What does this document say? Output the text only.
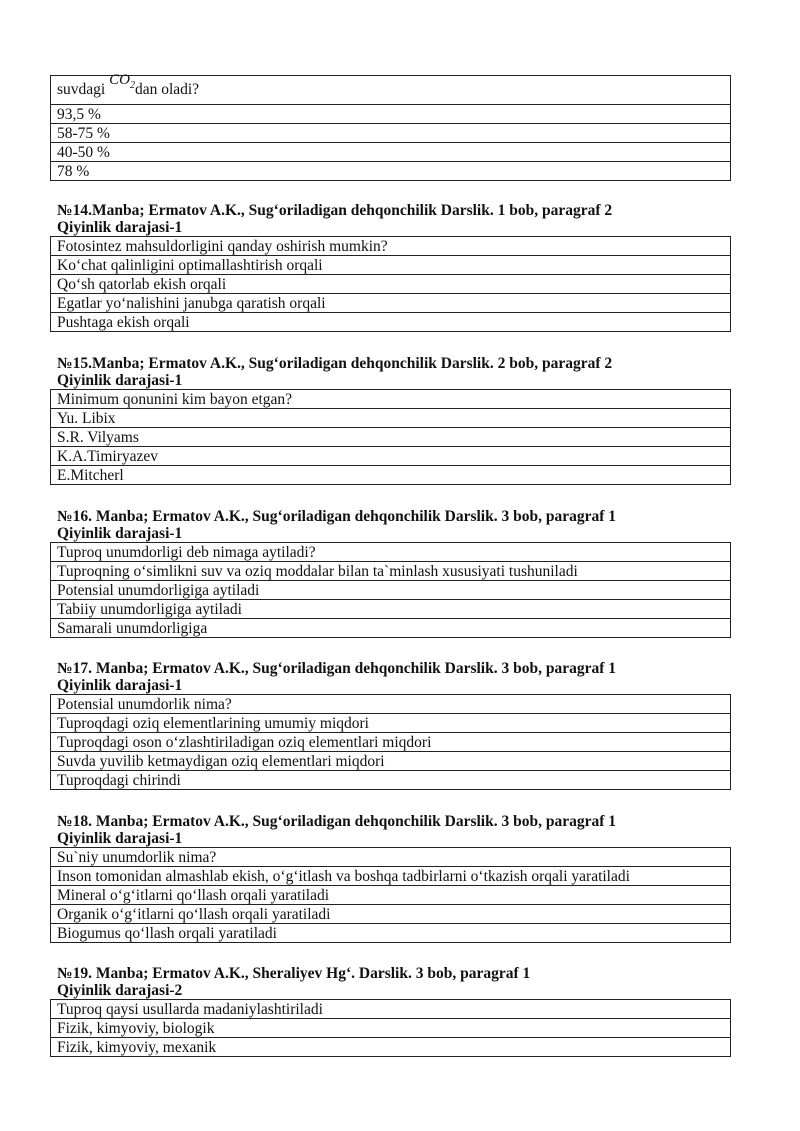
suvdagi $CO_2dan$ oladi?
93,5 %
58-75 %
40-50 %
78 %
№14.Manba; Ermatov A.K., Sug‘oriladigan dehqonchilik Darslik. 1 bob, paragraf 2
Qiyinlik darajasi-1
Fotosintez mahsuldorligini qanday oshirish mumkin?
Ko‘chat qalinligini optimallashtirish orqali
Qo‘sh qatorlab ekish orqali
Egatlar yo‘nalishini janubga qaratish orqali
Pushtaga ekish orqali
№15.Manba; Ermatov A.K., Sug‘oriladigan dehqonchilik Darslik. 2 bob, paragraf 2
Qiyinlik darajasi-1
Minimum qonunini kim bayon etgan?
Yu. Libix
S.R. Vilyams
K.A.Timiryazev
E.Mitcherl
№16. Manba; Ermatov A.K., Sug‘oriladigan dehqonchilik Darslik. 3 bob, paragraf 1
Qiyinlik darajasi-1
Tuproq unumdorligi deb nimaga aytiladi?
Tuproqning o‘simlikni suv va oziq moddalar bilan ta`minlash xususiyati tushuniladi
Potensial unumdorligiga aytiladi
Tabiiy unumdorligiga aytiladi
Samarali unumdorligiga
№17. Manba; Ermatov A.K., Sug‘oriladigan dehqonchilik Darslik. 3 bob, paragraf 1
Qiyinlik darajasi-1
Potensial unumdorlik nima?
Tuproqdagi oziq elementlarining umumiy miqdori
Tuproqdagi oson o‘zlashtiriladigan oziq elementlari miqdori
Suvda yuvilib ketmaydigan oziq elementlari miqdori
Tuproqdagi chirindi
№18. Manba; Ermatov A.K., Sug‘oriladigan dehqonchilik Darslik. 3 bob, paragraf 1
Qiyinlik darajasi-1
Su`niy unumdorlik nima?
Inson tomonidan almashlab ekish, o‘g‘itlash va boshqa tadbirlarni o‘tkazish orqali yaratiladi
Mineral o‘g‘itlarni qo‘llash orqali yaratiladi
Organik o‘g‘itlarni qo‘llash orqali yaratiladi
Biogumus qo‘llash orqali yaratiladi
№19. Manba; Ermatov A.K., Sheraliyev Hg‘. Darslik. 3 bob, paragraf 1
Qiyinlik darajasi-2
Tuproq qaysi usullarda madaniylashtiriladi
Fizik, kimyoviy, biologik
Fizik, kimyoviy, mexanik
